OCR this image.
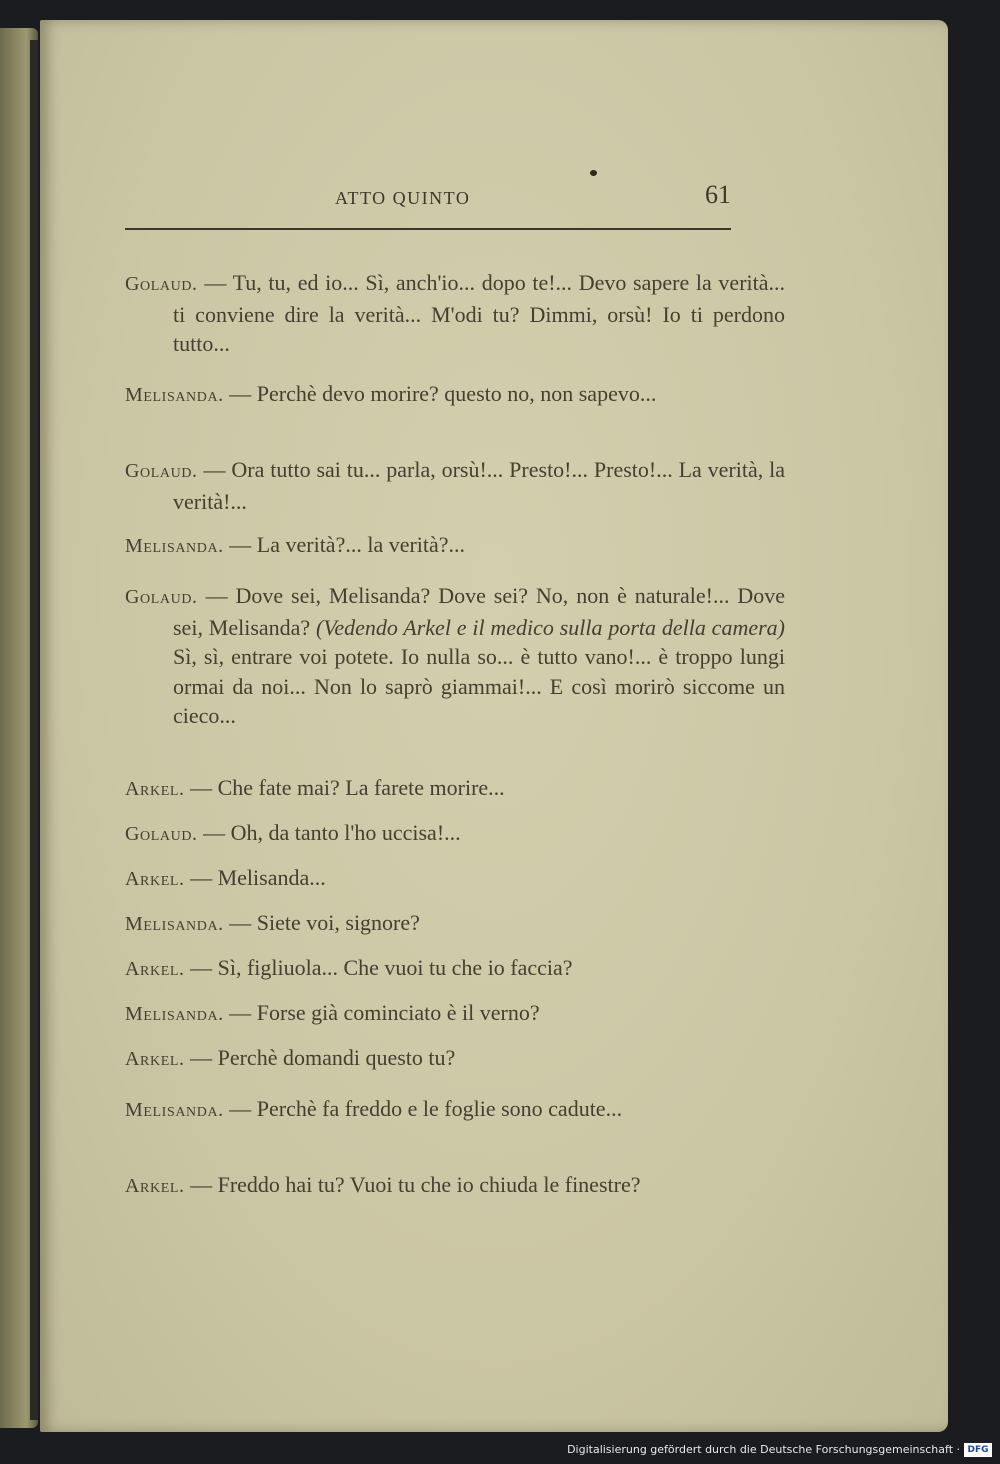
ATTO QUINTO	61
Golaud. — Tu, tu, ed io... Sì, anch'io... dopo te!... Devo sapere la verità... ti conviene dire la verità... M'odi tu? Dimmi, orsù! Io ti perdono tutto...
Melisanda. — Perchè devo morire? questo no, non sapevo...
Golaud. — Ora tutto sai tu... parla, orsù!... Presto!... Presto!... La verità, la verità!...
Melisanda. — La verità?... la verità?...
Golaud. — Dove sei, Melisanda? Dove sei? No, non è naturale!... Dove sei, Melisanda? (Vedendo Arkel e il medico sulla porta della camera) Sì, sì, entrare voi potete. Io nulla so... è tutto vano!... è troppo lungi ormai da noi... Non lo saprò giammai!... E così morirò siccome un cieco...
Arkel. — Che fate mai? La farete morire...
Golaud. — Oh, da tanto l'ho uccisa!...
Arkel. — Melisanda...
Melisanda. — Siete voi, signore?
Arkel. — Sì, figliuola... Che vuoi tu che io faccia?
Melisanda. — Forse già cominciato è il verno?
Arkel. — Perchè domandi questo tu?
Melisanda. — Perchè fa freddo e le foglie sono cadute...
Arkel. — Freddo hai tu? Vuoi tu che io chiuda le finestre?
Digitalisierung gefördert durch die Deutsche Forschungsgemeinschaft · DFG
